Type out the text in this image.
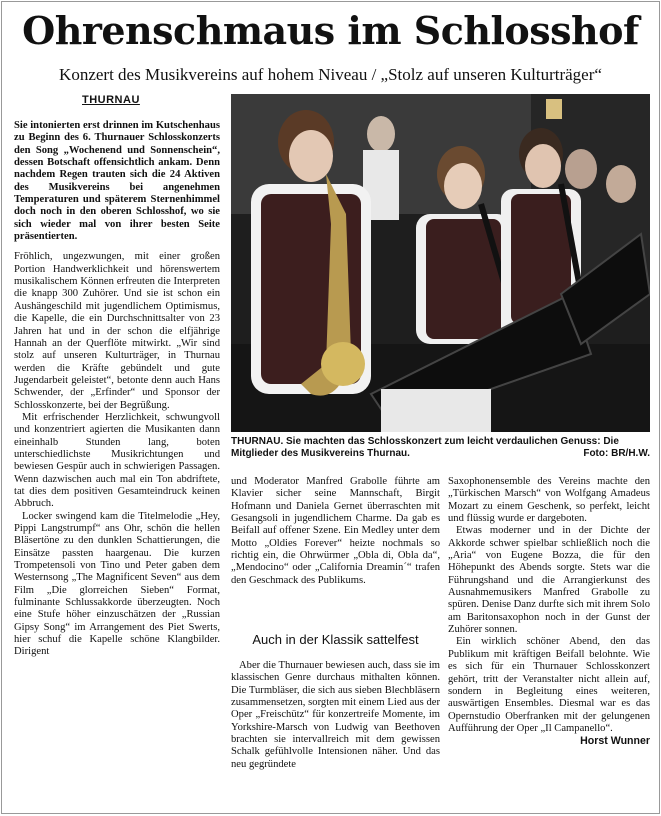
Ohrenschmaus im Schlosshof
Konzert des Musikvereins auf hohem Niveau / „Stolz auf unseren Kulturträger“
THURNAU

Sie intonierten erst drinnen im Kutschenhaus zu Beginn des 6. Thurnauer Schlosskonzerts den Song „Wochenend und Sonnenschein“, dessen Botschaft offensichtlich ankam. Denn nachdem Regen trauten sich die 24 Aktiven des Musikvereins bei angenehmen Temperaturen und späterem Sternenhimmel doch noch in den oberen Schlosshof, wo sie sich wieder mal von ihrer besten Seite präsentierten.

Fröhlich, ungezwungen, mit einer großen Portion Handwerklichkeit und hörenswertem musikalischem Können erfreuten die Interpreten die knapp 300 Zuhörer. Und sie ist schon ein Aushängeschild mit jugendlichem Optimismus, die Kapelle, die ein Durchschnittsalter von 23 Jahren hat und in der schon die elfjährige Hannah an der Querflöte mitwirkt. „Wir sind stolz auf unseren Kulturträger, in Thurnau werden die Kräfte gebündelt und gute Jugendarbeit geleistet“, betonte denn auch Hans Schwender, der „Erfinder“ und Sponsor der Schlosskonzerte, bei der Begrüßung.

Mit erfrischender Herzlichkeit, schwungvoll und konzentriert agierten die Musikanten dann eineinhalb Stunden lang, boten unterschiedlichste Musikrichtungen und bewiesen Gespür auch in schwierigen Passagen. Wenn dazwischen auch mal ein Ton abdriftete, tat dies dem positiven Gesamteindruck keinen Abbruch.

Locker swingend kam die Titelmelodie „Hey, Pippi Langstrumpf“ ans Ohr, schön die hellen Bläsertöne zu den dunklen Schattierungen, die Einsätze passten haargenau. Die kurzen Trompetensoli von Tino und Peter gaben dem Westernsong „The Magnificent Seven“ aus dem Film „Die glorreichen Sieben“ Format, fulminante Schlussakkorde überzeugten. Noch eine Stufe höher einzuschätzen der „Russian Gipsy Song“ im Arrangement des Piet Swerts, hier schuf die Kapelle schöne Klangbilder. Dirigent

THURNAU. Sie machten das Schlosskonzert zum leicht verdaulichen Genuss: Die Mitglieder des Musikvereins Thurnau.	Foto: BR/H.W.

und Moderator Manfred Grabolle führte am Klavier sicher seine Mannschaft, Birgit Hofmann und Daniela Gernet überraschten mit Gesangsoli in jugendlichem Charme. Da gab es Beifall auf offener Szene. Ein Medley unter dem Motto „Oldies Forever“ heizte nochmals so richtig ein, die Ohrwürmer „Obla di, Obla da“, „Mendocino“ oder „California Dreamin´“ trafen den Geschmack des Publikums.

Auch in der Klassik sattelfest

Aber die Thurnauer bewiesen auch, dass sie im klassischen Genre durchaus mithalten können. Die Turmbläser, die sich aus sieben Blechbläsern zusammensetzen, sorgten mit einem Lied aus der Oper „Freischütz“ für konzertreife Momente, im Yorkshire-Marsch von Ludwig van Beethoven brachten sie intervallreich mit dem gewissen Schalk gefühlvolle Intensionen näher. Und das neu gegründete

Saxophonensemble des Vereins machte den „Türkischen Marsch“ von Wolfgang Amadeus Mozart zu einem Geschenk, so perfekt, leicht und flüssig wurde er dargeboten.

Etwas moderner und in der Dichte der Akkorde schwer spielbar schließlich noch die „Aria“ von Eugene Bozza, die für den Höhepunkt des Abends sorgte. Stets war die Führungshand und die Arrangierkunst des Ausnahmemusikers Manfred Grabolle zu spüren. Denise Danz durfte sich mit ihrem Solo am Baritonsaxophon noch in der Gunst der Zuhörer sonnen.

Ein wirklich schöner Abend, den das Publikum mit kräftigen Beifall belohnte. Wie es sich für ein Thurnauer Schlosskonzert gehört, tritt der Veranstalter nicht allein auf, sondern in Begleitung eines weiteren, auswärtigen Ensembles. Diesmal war es das Opernstudio Oberfranken mit der gelungenen Aufführung der Oper „Il Campanello“.
Horst Wunner
